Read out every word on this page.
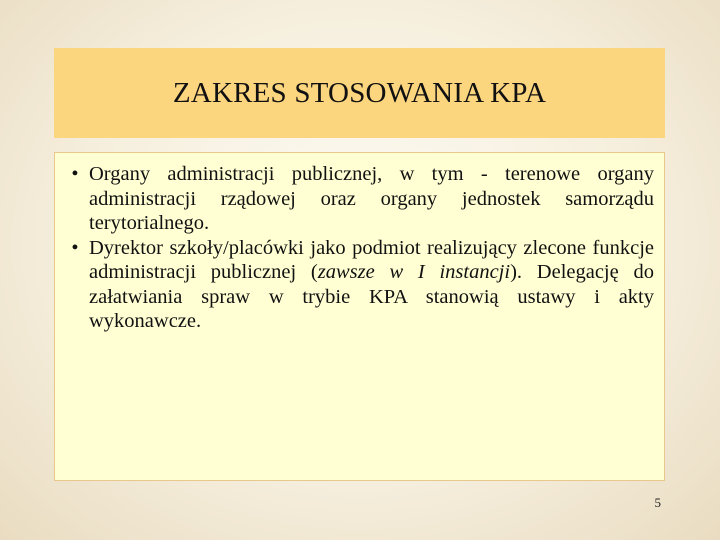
ZAKRES STOSOWANIA KPA
• Organy administracji publicznej, w tym - terenowe organy administracji rządowej oraz organy jednostek samorządu terytorialnego.
• Dyrektor szkoły/placówki jako podmiot realizujący zlecone funkcje administracji publicznej (zawsze w I instancji). Delegację do załatwiania spraw w trybie KPA stanowią ustawy i akty wykonawcze.
5
